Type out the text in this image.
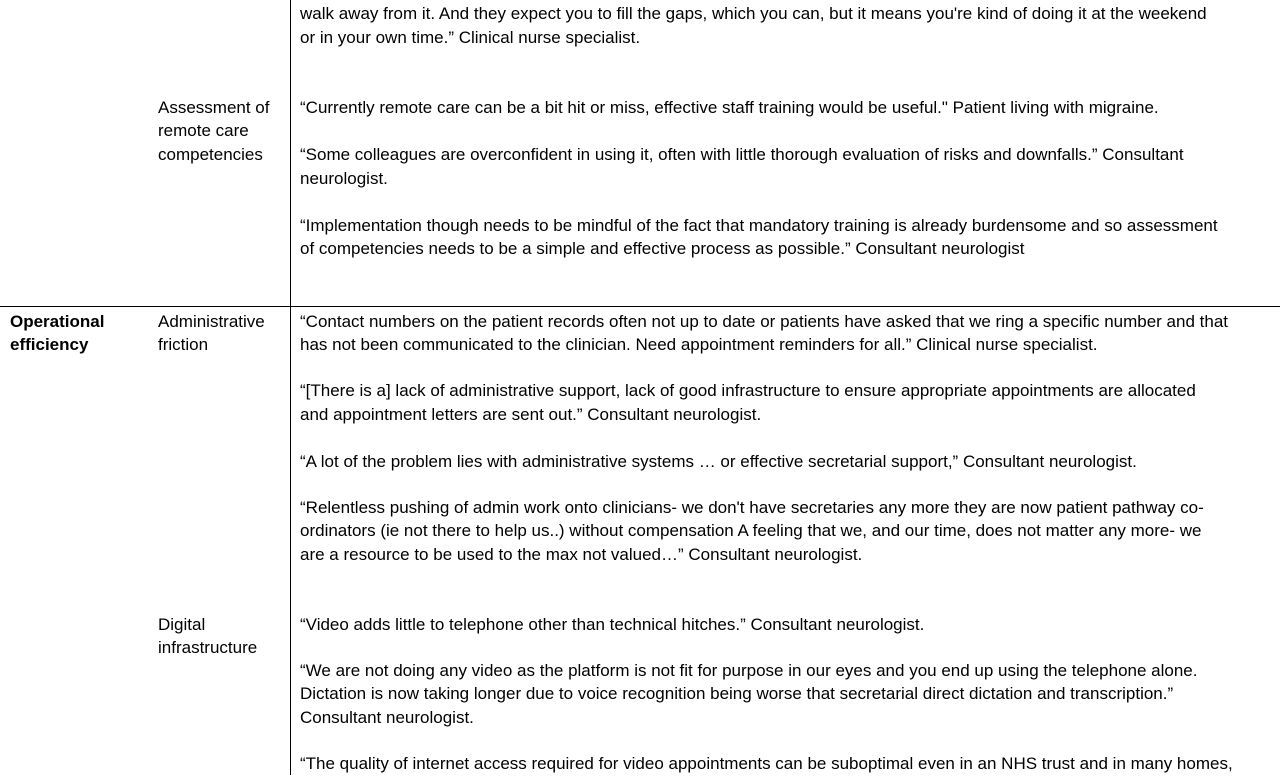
walk away from it. And they expect you to fill the gaps, which you can, but it means you're kind of doing it at the weekend

or in your own time.” Clinical nurse specialist.

Assessment of

remote care

competencies

“Currently remote care can be a bit hit or miss, effective staff training would be useful." Patient living with migraine.

“Some colleagues are overconfident in using it, often with little thorough evaluation of risks and downfalls.” Consultant

neurologist.

“Implementation though needs to be mindful of the fact that mandatory training is already burdensome and so assessment

of competencies needs to be a simple and effective process as possible.” Consultant neurologist

Operational

efficiency

Administrative

friction

“Contact numbers on the patient records often not up to date or patients have asked that we ring a specific number and that

has not been communicated to the clinician. Need appointment reminders for all.” Clinical nurse specialist.

“[There is a] lack of administrative support, lack of good infrastructure to ensure appropriate appointments are allocated

and appointment letters are sent out.” Consultant neurologist.

“A lot of the problem lies with administrative systems … or effective secretarial support,” Consultant neurologist.

“Relentless pushing of admin work onto clinicians- we don't have secretaries any more they are now patient pathway co-

ordinators (ie not there to help us..) without compensation A feeling that we, and our time, does not matter any more- we

are a resource to be used to the max not valued…” Consultant neurologist.

Digital

infrastructure

“Video adds little to telephone other than technical hitches.” Consultant neurologist.

“We are not doing any video as the platform is not fit for purpose in our eyes and you end up using the telephone alone.

Dictation is now taking longer due to voice recognition being worse that secretarial direct dictation and transcription.”

Consultant neurologist.

“The quality of internet access required for video appointments can be suboptimal even in an NHS trust and in many homes,
